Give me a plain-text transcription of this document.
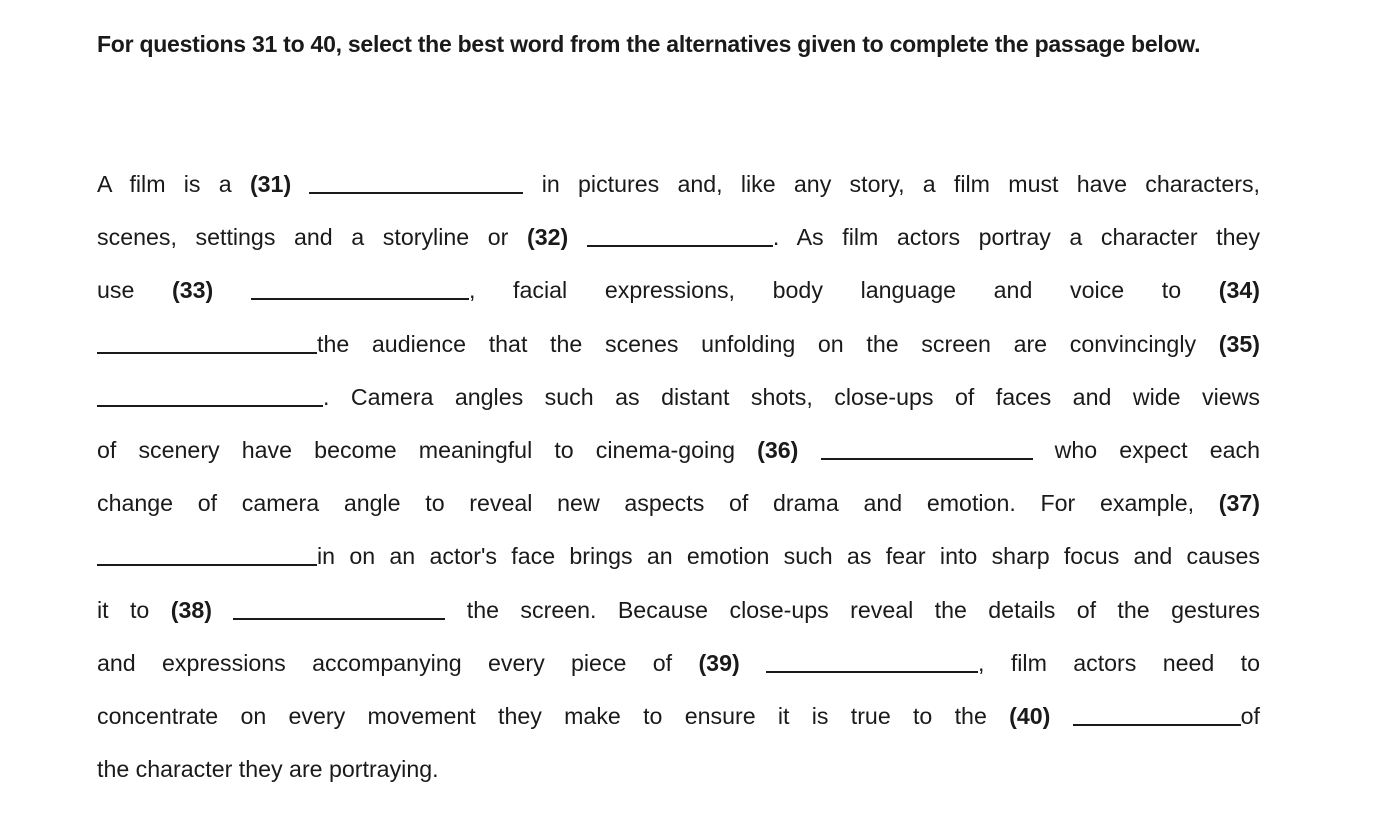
For questions 31 to 40, select the best word from the alternatives given to complete the passage below.

A film is a (31)	in pictures and, like any story, a film must have characters,
scenes, settings and a storyline or (32)	. As film actors portray a character they
use (33)	, facial expressions, body language and voice to (34)
the audience that the scenes unfolding on the screen are convincingly (35)
. Camera angles such as distant shots, close-ups of faces and wide views
of scenery have become meaningful to cinema-going (36)	who expect each
change of camera angle to reveal new aspects of drama and emotion. For example, (37)
in on an actor's face brings an emotion such as fear into sharp focus and causes
it to (38)	the screen. Because close-ups reveal the details of the gestures
and expressions accompanying every piece of (39)	, film actors need to
concentrate on every movement they make to ensure it is true to the (40)	of
the character they are portraying.
